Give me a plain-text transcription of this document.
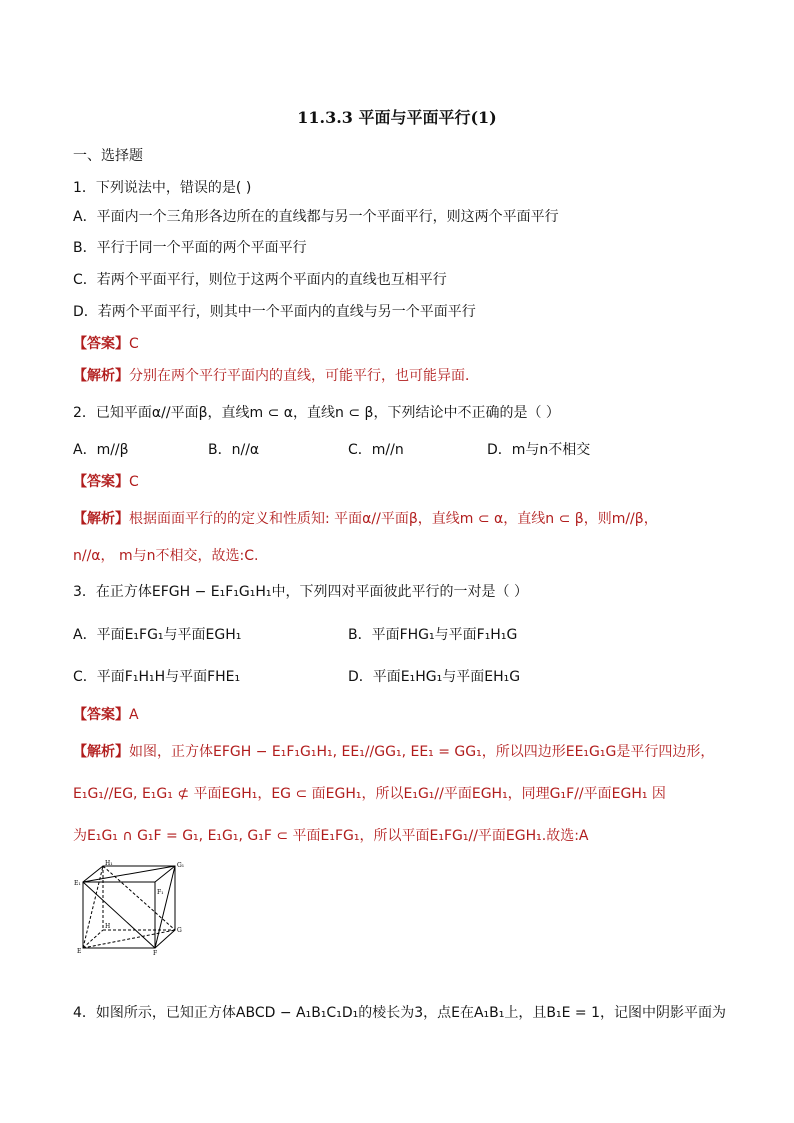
11.3.3 平面与平面平行(1)
一、选择题
1．下列说法中，错误的是( )
A．平面内一个三角形各边所在的直线都与另一个平面平行，则这两个平面平行
B．平行于同一个平面的两个平面平行
C．若两个平面平行，则位于这两个平面内的直线也互相平行
D．若两个平面平行，则其中一个平面内的直线与另一个平面平行
【答案】C
【解析】分别在两个平行平面内的直线，可能平行，也可能异面．
2．已知平面α//平面β，直线m ⊂ α，直线n ⊂ β，下列结论中不正确的是（ ）
A．m//β	B．n//α	C．m//n	D．m与n不相交
【答案】C
【解析】根据面面平行的的定义和性质知: 平面α//平面β，直线m ⊂ α，直线n ⊂ β，则m//β，
n//α， m与n不相交，故选:C.
3．在正方体EFGH − E₁F₁G₁H₁中，下列四对平面彼此平行的一对是（ ）
A．平面E₁FG₁与平面EGH₁	B．平面FHG₁与平面F₁H₁G
C．平面F₁H₁H与平面FHE₁	D．平面E₁HG₁与平面EH₁G
【答案】A
【解析】如图，正方体EFGH − E₁F₁G₁H₁, EE₁//GG₁, EE₁ = GG₁，所以四边形EE₁G₁G是平行四边形，
E₁G₁//EG, E₁G₁ ⊄ 平面EGH₁，EG ⊂ 面EGH₁，所以E₁G₁//平面EGH₁，同理G₁F//平面EGH₁ 因
为E₁G₁ ∩ G₁F = G₁, E₁G₁, G₁F ⊂ 平面E₁FG₁，所以平面E₁FG₁//平面EGH₁.故选:A
H₁	G₁
E₁
F₁
H
G
E	F
4．如图所示，已知正方体ABCD − A₁B₁C₁D₁的棱长为3，点E在A₁B₁上，且B₁E = 1，记图中阴影平面为
